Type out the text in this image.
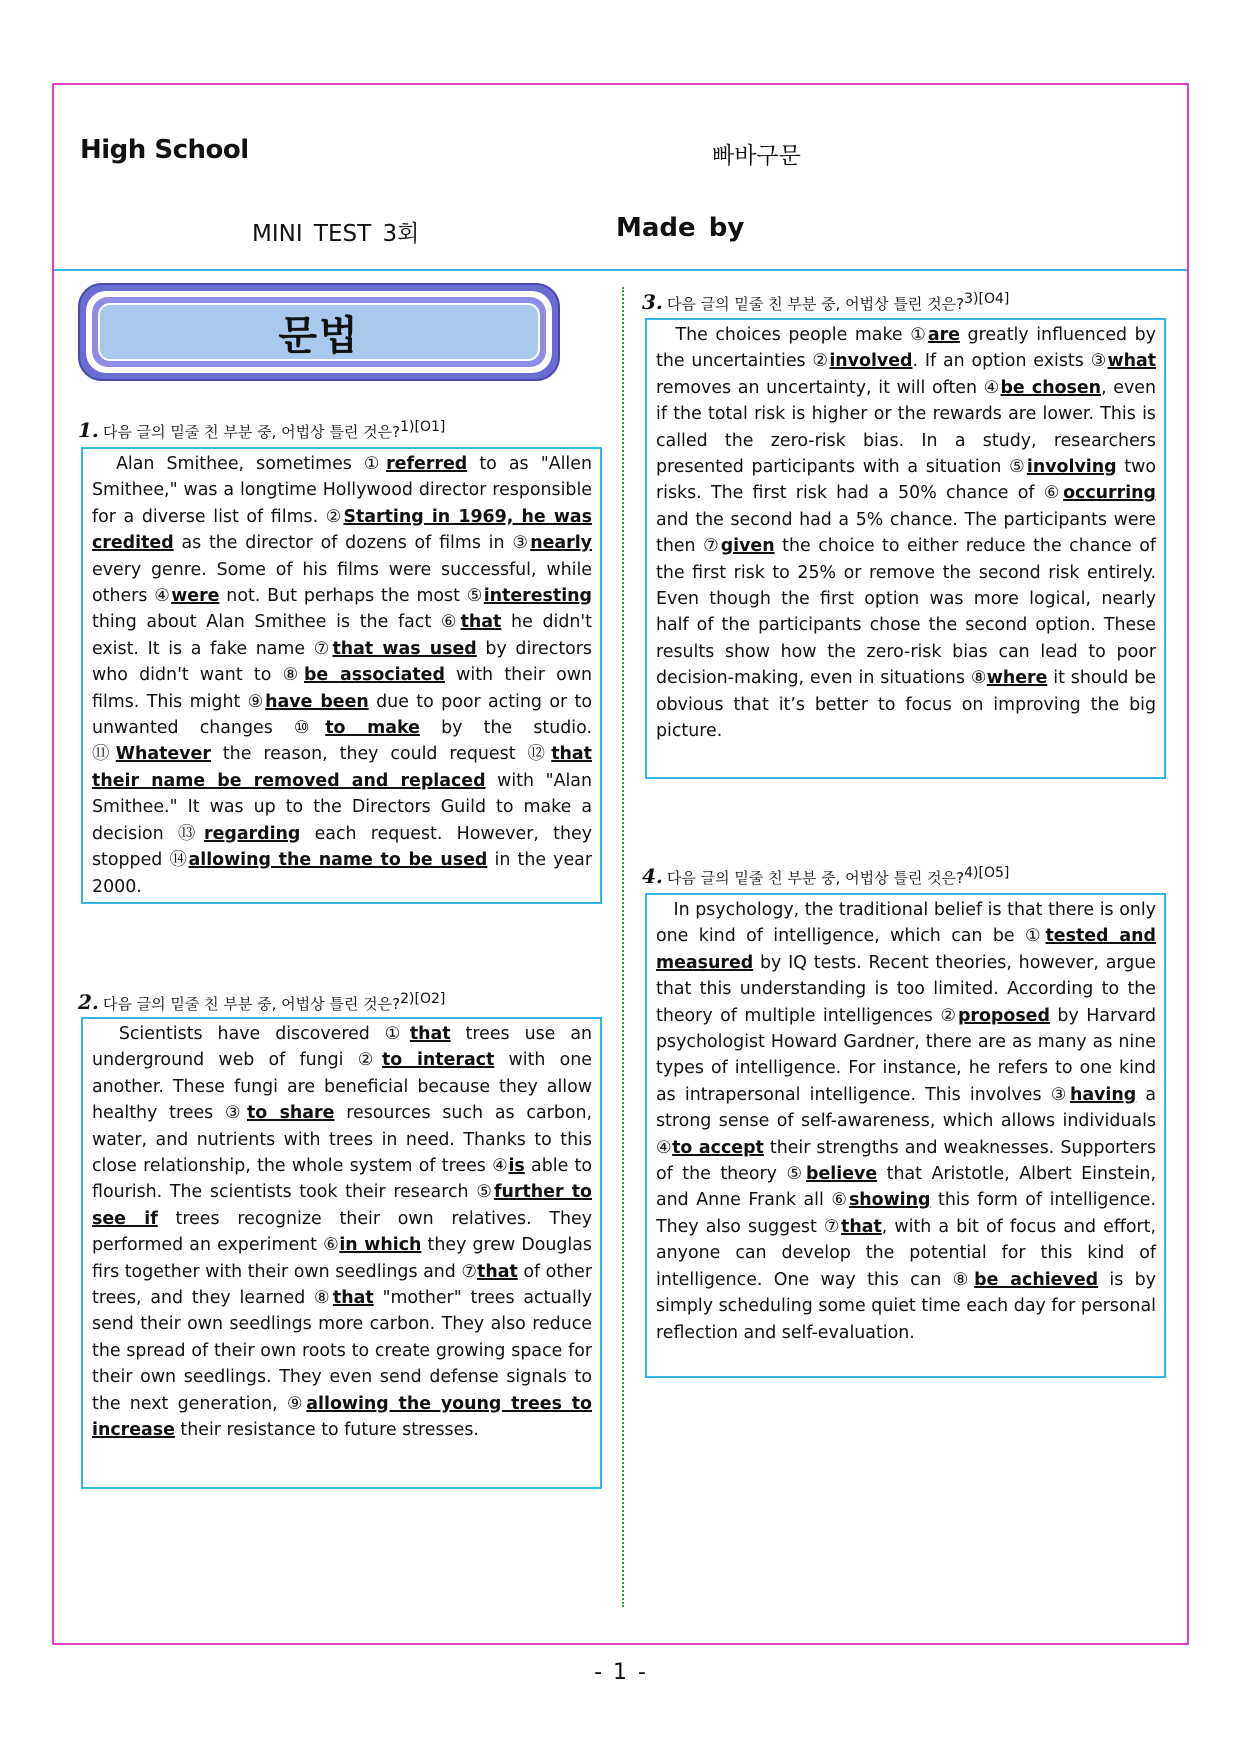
High School	빠바구문
MINI TEST 3회	Made by
문법
1. 다음 글의 밑줄 친 부분 중, 어법상 틀린 것은?$^{1)[O1]}$
　Alan Smithee, sometimes ①referred to as "Allen Smithee," was a longtime Hollywood director responsible for a diverse list of films. ②Starting in 1969, he was credited as the director of dozens of films in ③nearly every genre. Some of his films were successful, while others ④were not. But perhaps the most ⑤interesting thing about Alan Smithee is the fact ⑥that he didn't exist. It is a fake name ⑦that was used by directors who didn't want to ⑧be associated with their own films. This might ⑨have been due to poor acting or to unwanted changes ⑩to make by the studio. ⑪Whatever the reason, they could request ⑫that their name be removed and replaced with "Alan Smithee." It was up to the Directors Guild to make a decision ⑬regarding each request. However, they stopped ⑭allowing the name to be used in the year 2000.
2. 다음 글의 밑줄 친 부분 중, 어법상 틀린 것은?$^{2)[O2]}$
　Scientists have discovered ①that trees use an underground web of fungi ②to interact with one another. These fungi are beneficial because they allow healthy trees ③to share resources such as carbon, water, and nutrients with trees in need. Thanks to this close relationship, the whole system of trees ④is able to flourish. The scientists took their research ⑤further to see if trees recognize their own relatives. They performed an experiment ⑥in which they grew Douglas firs together with their own seedlings and ⑦that of other trees, and they learned ⑧that "mother" trees actually send their own seedlings more carbon. They also reduce the spread of their own roots to create growing space for their own seedlings. They even send defense signals to the next generation, ⑨allowing the young trees to increase their resistance to future stresses.
3. 다음 글의 밑줄 친 부분 중, 어법상 틀린 것은?$^{3)[O4]}$
　The choices people make ①are greatly influenced by the uncertainties ②involved. If an option exists ③what removes an uncertainty, it will often ④be chosen, even if the total risk is higher or the rewards are lower. This is called the zero-risk bias. In a study, researchers presented participants with a situation ⑤involving two risks. The first risk had a 50% chance of ⑥occurring and the second had a 5% chance. The participants were then ⑦given the choice to either reduce the chance of the first risk to 25% or remove the second risk entirely. Even though the first option was more logical, nearly half of the participants chose the second option. These results show how the zero-risk bias can lead to poor decision-making, even in situations ⑧where it should be obvious that it’s better to focus on improving the big picture.
4. 다음 글의 밑줄 친 부분 중, 어법상 틀린 것은?$^{4)[O5]}$
　In psychology, the traditional belief is that there is only one kind of intelligence, which can be ①tested and measured by IQ tests. Recent theories, however, argue that this understanding is too limited. According to the theory of multiple intelligences ②proposed by Harvard psychologist Howard Gardner, there are as many as nine types of intelligence. For instance, he refers to one kind as intrapersonal intelligence. This involves ③having a strong sense of self-awareness, which allows individuals ④to accept their strengths and weaknesses. Supporters of the theory ⑤believe that Aristotle, Albert Einstein, and Anne Frank all ⑥showing this form of intelligence. They also suggest ⑦that, with a bit of focus and effort, anyone can develop the potential for this kind of intelligence. One way this can ⑧be achieved is by simply scheduling some quiet time each day for personal reflection and self-evaluation.
- 1 -
